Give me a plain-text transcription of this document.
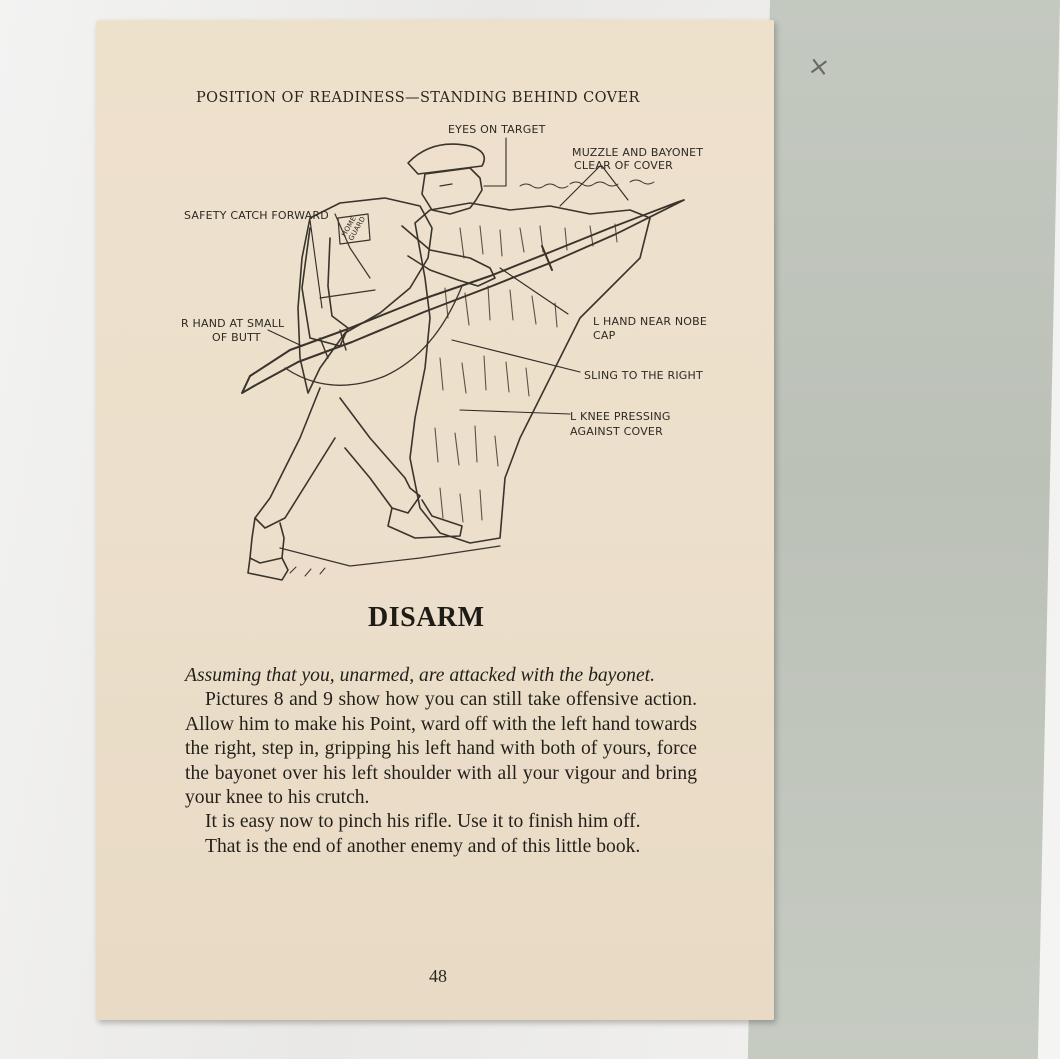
×
POSITION OF READINESS—STANDING BEHIND COVER
HOME GUARD
EYES ON TARGET
MUZZLE AND BAYONET
CLEAR OF COVER
SAFETY CATCH FORWARD
R HAND AT SMALL
OF BUTT
L HAND NEAR NOBE
CAP
SLING TO THE RIGHT
L KNEE PRESSING
AGAINST COVER
DISARM

Assuming that you, unarmed, are attacked with the bayonet.

Pictures 8 and 9 show how you can still take offensive action. Allow him to make his Point, ward off with the left hand towards the right, step in, gripping his left hand with both of yours, force the bayonet over his left shoulder with all your vigour and bring your knee to his crutch.

It is easy now to pinch his rifle. Use it to finish him off.

That is the end of another enemy and of this little book.

48
